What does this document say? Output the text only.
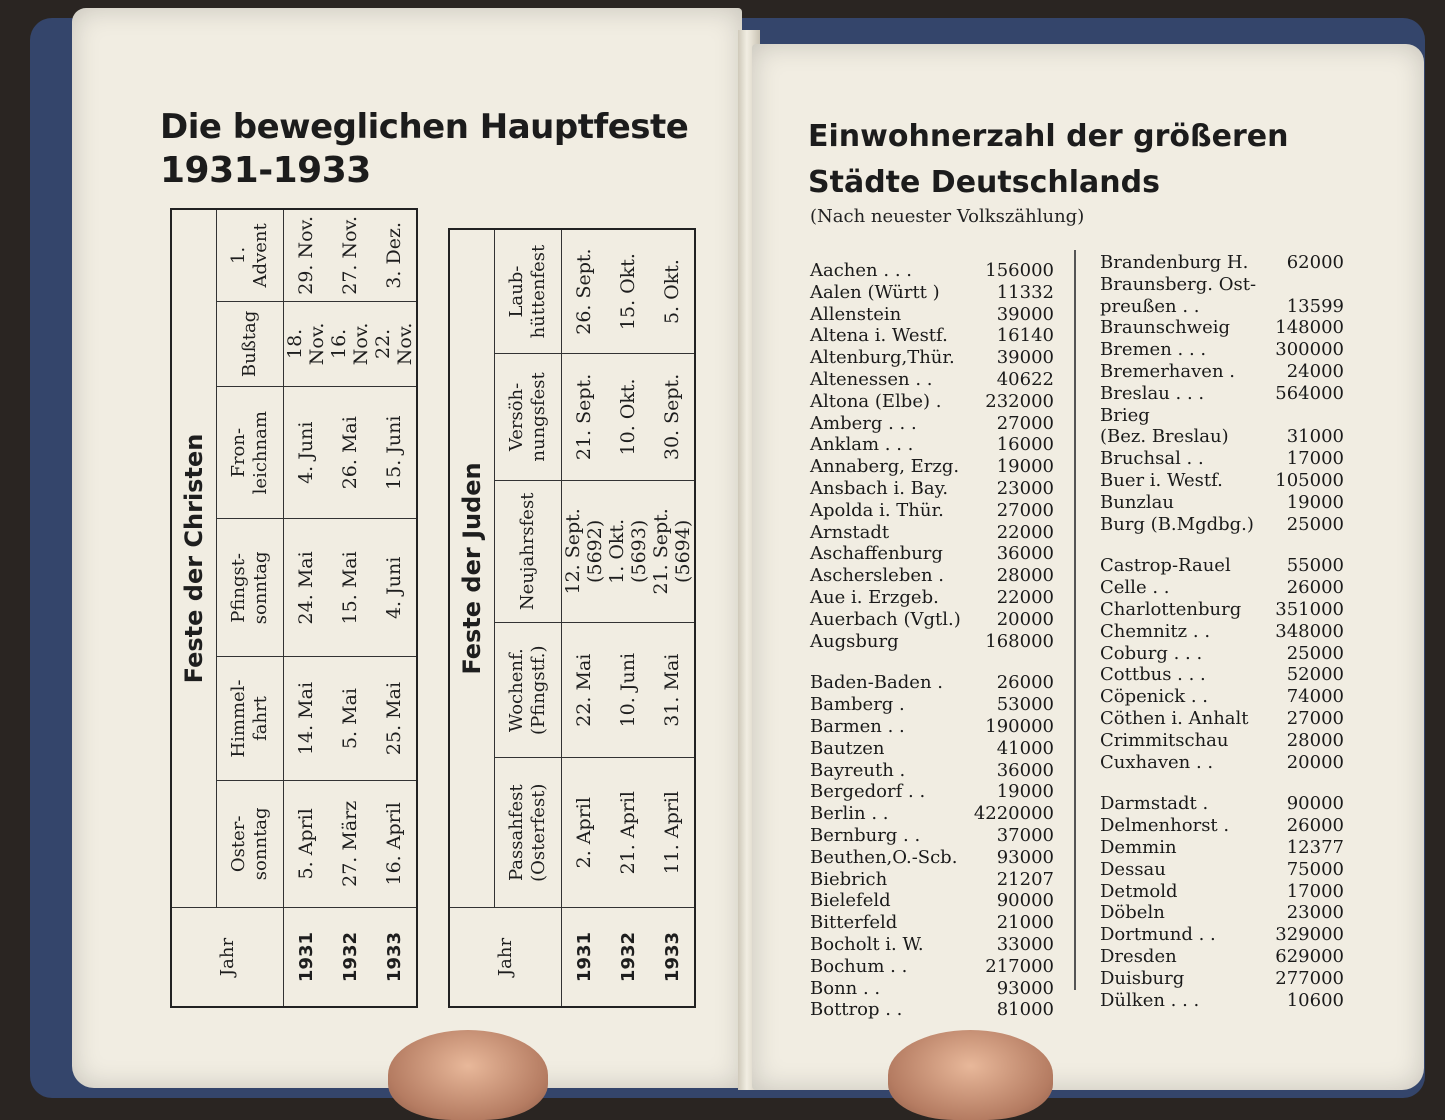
Die beweglichen Hauptfeste
1931-1933
Jahr	Feste der Christen					
	Oster-sonntag	Himmel-fahrt	Pfingst-sonntag	Fron-leichnam	Bußtag	1. Advent
1931	5. April	14. Mai	24. Mai	4. Juni	18. Nov.	29. Nov.
1932	27. März	5. Mai	15. Mai	26. Mai	16. Nov.	27. Nov.
1933	16. April	25. Mai	4. Juni	15. Juni	22. Nov.	3. Dez.
Jahr	Feste der Juden				
	Passahfest (Osterfest)	Wochenf. (Pfingstf.)	Neujahrsfest	Versöh-nungsfest	Laub-hüttenfest
1931	2. April	22. Mai	12. Sept. (5692)	21. Sept.	26. Sept.
1932	21. April	10. Juni	1. Okt. (5693)	10. Okt.	15. Okt.
1933	11. April	31. Mai	21. Sept. (5694)	30. Sept.	5. Okt.
Einwohnerzahl der größeren
Städte Deutschlands
(Nach neuester Volkszählung)
Aachen . . .	156000
Aalen (Württ )	11332
Allenstein	39000
Altena i. Westf.	16140
Altenburg,Thür. 39000
Altenessen . .	40622
Altona (Elbe) . 232000
Amberg . . .	27000
Anklam . . .	16000
Annaberg, Erzg. 19000
Ansbach i. Bay.	23000
Apolda i. Thür.	27000
Arnstadt	22000
Aschaffenburg	36000
Aschersleben .	28000
Aue i. Erzgeb.	22000
Auerbach (Vgtl.) 20000
Augsburg	168000
Baden-Baden .	26000
Bamberg .	53000
Barmen . .	190000
Bautzen	41000
Bayreuth .	36000
Bergedorf . .	19000
Berlin . .	4220000
Bernburg . .	37000
Beuthen,O.-Scb. 93000
Biebrich	21207
Bielefeld	90000
Bitterfeld	21000
Bocholt i. W.	33000
Bochum . .	217000
Bonn . .	93000
Bottrop . .	81000
Brandenburg H. 62000
Braunsberg. Ost-
preußen . .	13599
Braunschweig	148000
Bremen . . .	300000
Bremerhaven .	24000
Breslau . . .	564000
Brieg
(Bez. Breslau)	31000
Bruchsal . .	17000
Buer i. Westf.	105000
Bunzlau	19000
Burg (B.Mgdbg.) 25000
Castrop-Rauel	55000
Celle . .	26000
Charlottenburg 351000
Chemnitz . .	348000
Coburg . . .	25000
Cottbus . . .	52000
Cöpenick . .	74000
Cöthen i. Anhalt 27000
Crimmitschau	28000
Cuxhaven . .	20000
Darmstadt .	90000
Delmenhorst .	26000
Demmin	12377
Dessau	75000
Detmold	17000
Döbeln	23000
Dortmund . .	329000
Dresden	629000
Duisburg	277000
Dülken . . .	10600
